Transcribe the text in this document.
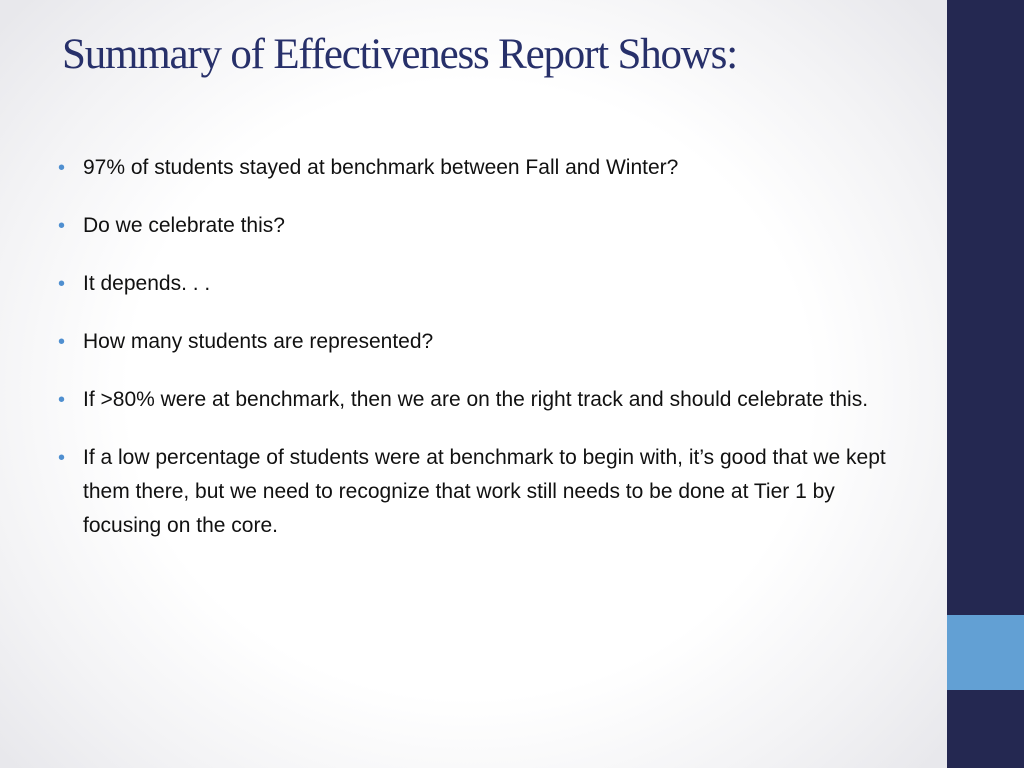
Summary of Effectiveness Report Shows:
• 97% of students stayed at benchmark between Fall and Winter?
• Do we celebrate this?
• It depends. . .
• How many students are represented?
• If >80% were at benchmark, then we are on the right track and should celebrate this.
• If a low percentage of students were at benchmark to begin with, it’s good that we kept them there, but we need to recognize that work still needs to be done at Tier 1 by focusing on the core.
